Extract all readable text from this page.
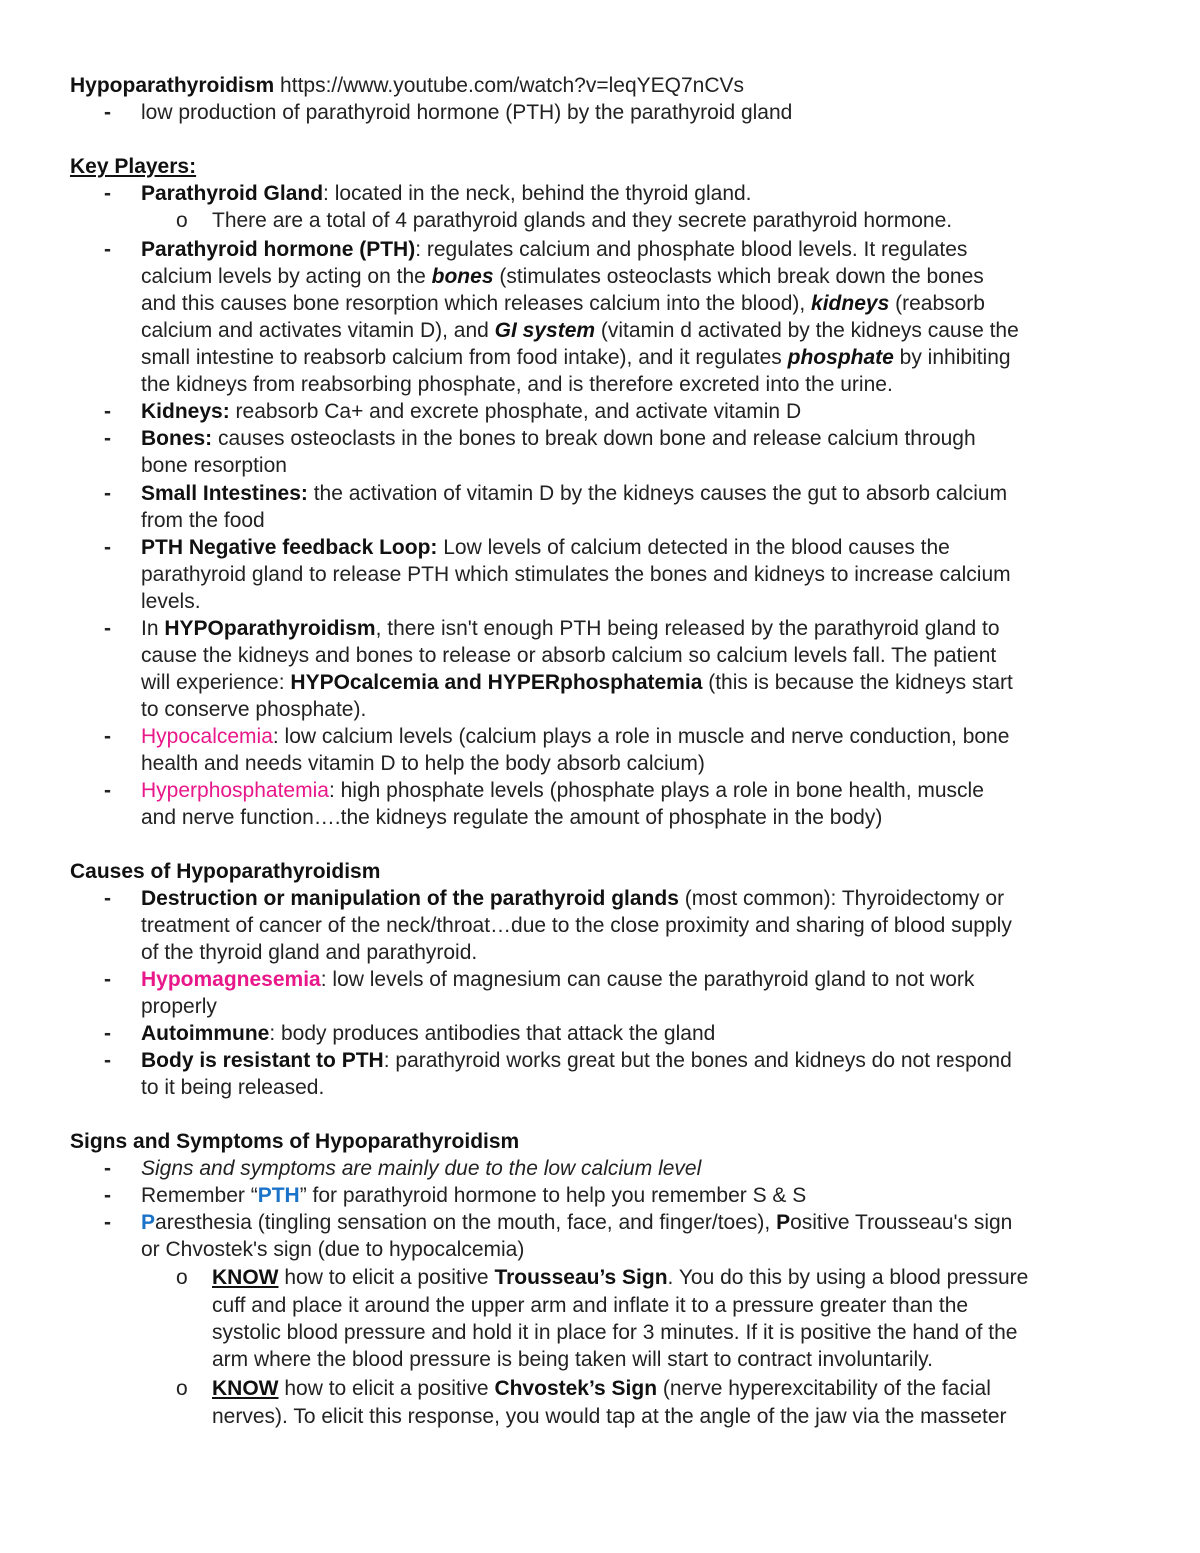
Hypoparathyroidism https://www.youtube.com/watch?v=leqYEQ7nCVs
- low production of parathyroid hormone (PTH) by the parathyroid gland
Key Players:
- Parathyroid Gland: located in the neck, behind the thyroid gland.
o There are a total of 4 parathyroid glands and they secrete parathyroid hormone.
- Parathyroid hormone (PTH): regulates calcium and phosphate blood levels. It regulates
calcium levels by acting on the bones (stimulates osteoclasts which break down the bones
and this causes bone resorption which releases calcium into the blood), kidneys (reabsorb
calcium and activates vitamin D), and GI system (vitamin d activated by the kidneys cause the
small intestine to reabsorb calcium from food intake), and it regulates phosphate by inhibiting
the kidneys from reabsorbing phosphate, and is therefore excreted into the urine.
- Kidneys: reabsorb Ca+ and excrete phosphate, and activate vitamin D
- Bones: causes osteoclasts in the bones to break down bone and release calcium through
bone resorption
- Small Intestines: the activation of vitamin D by the kidneys causes the gut to absorb calcium
from the food
- PTH Negative feedback Loop: Low levels of calcium detected in the blood causes the
parathyroid gland to release PTH which stimulates the bones and kidneys to increase calcium
levels.
- In HYPOparathyroidism, there isn't enough PTH being released by the parathyroid gland to
cause the kidneys and bones to release or absorb calcium so calcium levels fall. The patient
will experience: HYPOcalcemia and HYPERphosphatemia (this is because the kidneys start
to conserve phosphate).
- Hypocalcemia: low calcium levels (calcium plays a role in muscle and nerve conduction, bone
health and needs vitamin D to help the body absorb calcium)
- Hyperphosphatemia: high phosphate levels (phosphate plays a role in bone health, muscle
and nerve function….the kidneys regulate the amount of phosphate in the body)
Causes of Hypoparathyroidism
- Destruction or manipulation of the parathyroid glands (most common): Thyroidectomy or
treatment of cancer of the neck/throat…due to the close proximity and sharing of blood supply
of the thyroid gland and parathyroid.
- Hypomagnesemia: low levels of magnesium can cause the parathyroid gland to not work
properly
- Autoimmune: body produces antibodies that attack the gland
- Body is resistant to PTH: parathyroid works great but the bones and kidneys do not respond
to it being released.
Signs and Symptoms of Hypoparathyroidism
- Signs and symptoms are mainly due to the low calcium level
- Remember “PTH” for parathyroid hormone to help you remember S & S
- Paresthesia (tingling sensation on the mouth, face, and finger/toes), Positive Trousseau's sign
or Chvostek's sign (due to hypocalcemia)
o KNOW how to elicit a positive Trousseau’s Sign. You do this by using a blood pressure
cuff and place it around the upper arm and inflate it to a pressure greater than the
systolic blood pressure and hold it in place for 3 minutes. If it is positive the hand of the
arm where the blood pressure is being taken will start to contract involuntarily.
o KNOW how to elicit a positive Chvostek’s Sign (nerve hyperexcitability of the facial
nerves). To elicit this response, you would tap at the angle of the jaw via the masseter
